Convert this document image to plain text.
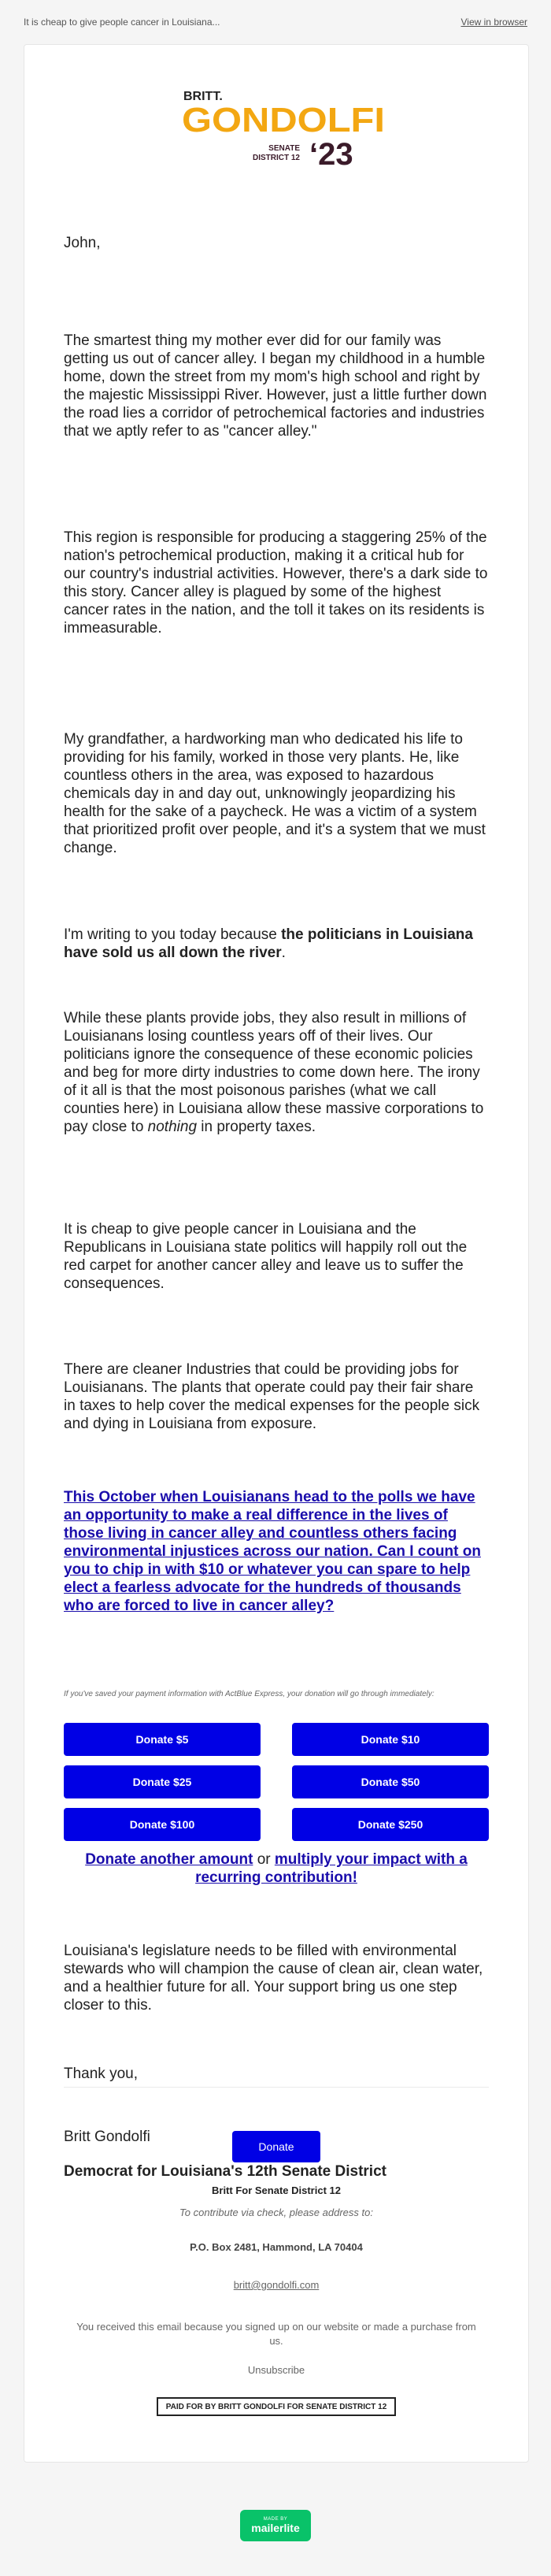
It is cheap to give people cancer in Louisiana...	View in browser
BRITT.
GONDOLFI
SENATE
DISTRICT 12 ‘23

John,

The smartest thing my mother ever did for our family was getting us out of cancer alley. I began my childhood in a humble home, down the street from my mom's high school and right by the majestic Mississippi River. However, just a little further down the road lies a corridor of petrochemical factories and industries that we aptly refer to as "cancer alley."

This region is responsible for producing a staggering 25% of the nation's petrochemical production, making it a critical hub for our country's industrial activities. However, there's a dark side to this story. Cancer alley is plagued by some of the highest cancer rates in the nation, and the toll it takes on its residents is immeasurable.

My grandfather, a hardworking man who dedicated his life to providing for his family, worked in those very plants. He, like countless others in the area, was exposed to hazardous chemicals day in and day out, unknowingly jeopardizing his health for the sake of a paycheck. He was a victim of a system that prioritized profit over people, and it's a system that we must change.

I'm writing to you today because the politicians in Louisiana have sold us all down the river.

While these plants provide jobs, they also result in millions of Louisianans losing countless years off of their lives. Our politicians ignore the consequence of these economic policies and beg for more dirty industries to come down here. The irony of it all is that the most poisonous parishes (what we call counties here) in Louisiana allow these massive corporations to pay close to nothing in property taxes.

It is cheap to give people cancer in Louisiana and the Republicans in Louisiana state politics will happily roll out the red carpet for another cancer alley and leave us to suffer the consequences.

There are cleaner Industries that could be providing jobs for Louisianans. The plants that operate could pay their fair share in taxes to help cover the medical expenses for the people sick and dying in Louisiana from exposure.

This October when Louisianans head to the polls we have an opportunity to make a real difference in the lives of those living in cancer alley and countless others facing environmental injustices across our nation. Can I count on you to chip in with $10 or whatever you can spare to help elect a fearless advocate for the hundreds of thousands who are forced to live in cancer alley?
If you've saved your payment information with ActBlue Express, your donation will go through immediately:
Donate $5	Donate $10
Donate $25	Donate $50
Donate $100	Donate $250
Donate another amount or multiply your impact with a recurring contribution!

Louisiana's legislature needs to be filled with environmental stewards who will champion the cause of clean air, clean water, and a healthier future for all. Your support bring us one step closer to this.

Thank you,

Britt Gondolfi

Democrat for Louisiana's 12th Senate District

Donate
Britt For Senate District 12
To contribute via check, please address to:
P.O. Box 2481, Hammond, LA 70404
britt@gondolfi.com
You received this email because you signed up on our website or made a purchase from us.
Unsubscribe
PAID FOR BY BRITT GONDOLFI FOR SENATE DISTRICT 12
MADE BY
mailerlite
